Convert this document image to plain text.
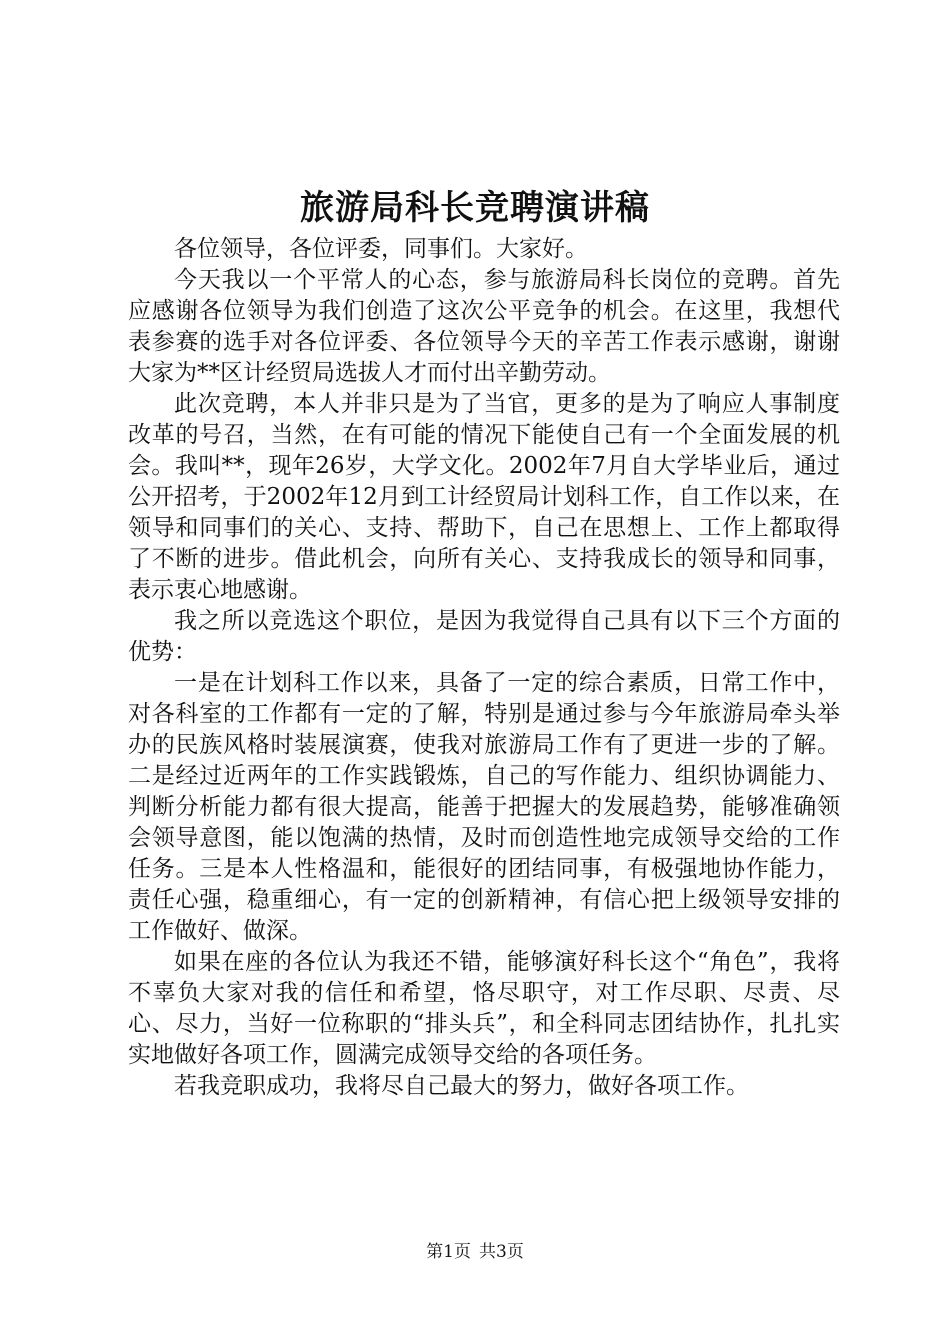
旅游局科长竞聘演讲稿

各位领导，各位评委，同事们。大家好。

今天我以一个平常人的心态，参与旅游局科长岗位的竞聘。首先应感谢各位领导为我们创造了这次公平竞争的机会。在这里，我想代表参赛的选手对各位评委、各位领导今天的辛苦工作表示感谢，谢谢大家为**区计经贸局选拔人才而付出辛勤劳动。

此次竞聘，本人并非只是为了当官，更多的是为了响应人事制度改革的号召，当然，在有可能的情况下能使自己有一个全面发展的机会。我叫**，现年26岁，大学文化。2002年7月自大学毕业后，通过公开招考，于2002年12月到工计经贸局计划科工作，自工作以来，在领导和同事们的关心、支持、帮助下，自己在思想上、工作上都取得了不断的进步。借此机会，向所有关心、支持我成长的领导和同事，表示衷心地感谢。

我之所以竞选这个职位，是因为我觉得自己具有以下三个方面的优势：

一是在计划科工作以来，具备了一定的综合素质，日常工作中，对各科室的工作都有一定的了解，特别是通过参与今年旅游局牵头举办的民族风格时装展演赛，使我对旅游局工作有了更进一步的了解。二是经过近两年的工作实践锻炼，自己的写作能力、组织协调能力、判断分析能力都有很大提高，能善于把握大的发展趋势，能够准确领会领导意图，能以饱满的热情，及时而创造性地完成领导交给的工作任务。三是本人性格温和，能很好的团结同事，有极强地协作能力，责任心强，稳重细心，有一定的创新精神，有信心把上级领导安排的工作做好、做深。

如果在座的各位认为我还不错，能够演好科长这个“角色”，我将不辜负大家对我的信任和希望，恪尽职守，对工作尽职、尽责、尽心、尽力，当好一位称职的“排头兵”，和全科同志团结协作，扎扎实实地做好各项工作，圆满完成领导交给的各项任务。

若我竞职成功，我将尽自己最大的努力，做好各项工作。

第1页 共3页
